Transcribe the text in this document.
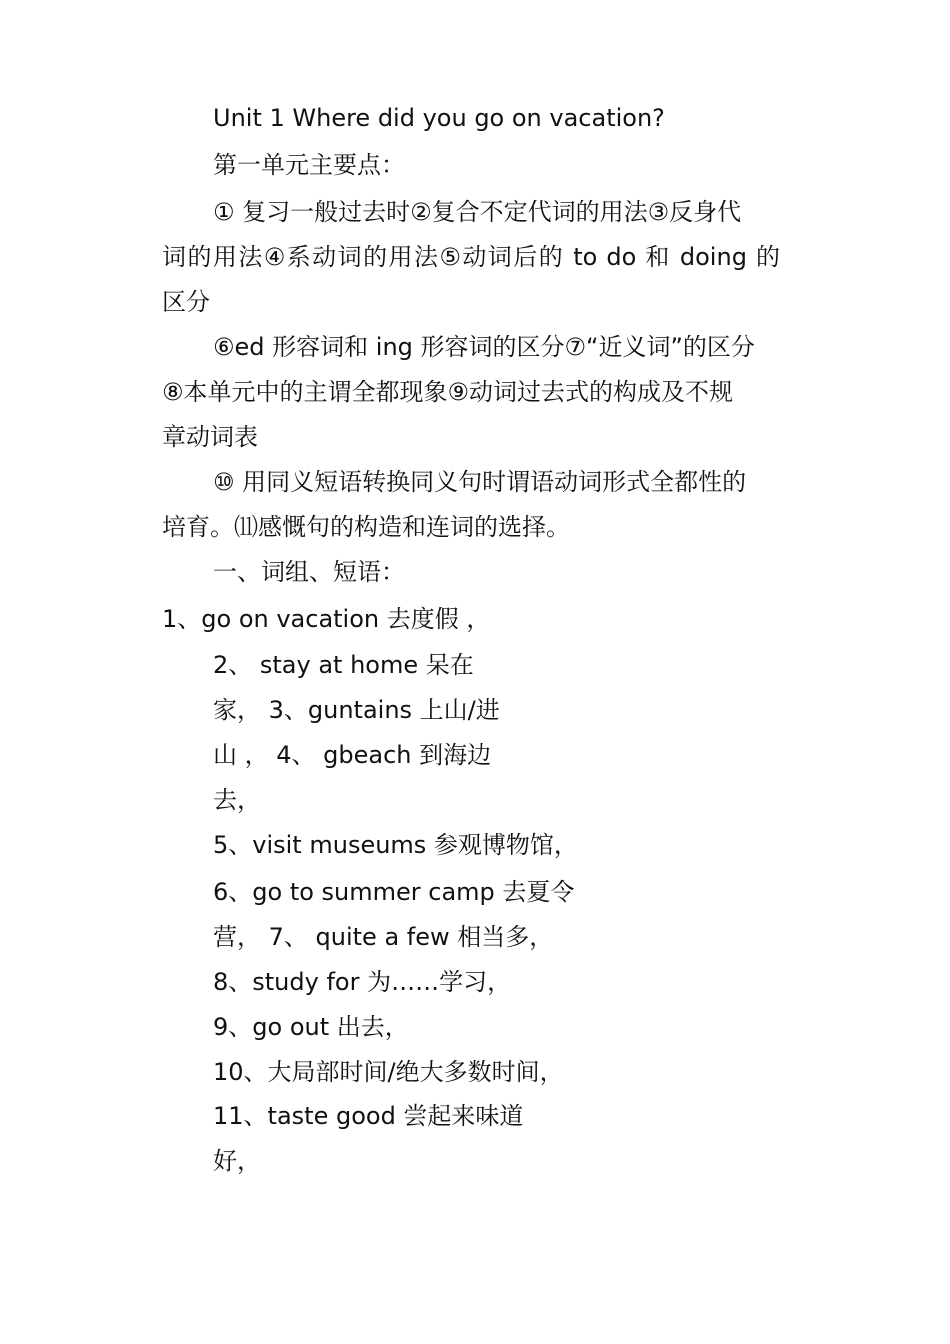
Unit 1 Where did you go on vacation?
第一单元主要点：
① 复习一般过去时②复合不定代词的用法③反身代
词的用法④系动词的用法⑤动词后的 to do 和 doing 的
区分
⑥ed 形容词和 ing 形容词的区分⑦“近义词”的区分
⑧本单元中的主谓全都现象⑨动词过去式的构成及不规
章动词表
⑩ 用同义短语转换同义句时谓语动词形式全都性的
培育。⑾感慨句的构造和连词的选择。
一、词组、短语：
1、go on vacation 去度假 ，
2、 stay at home 呆在
家， 3、guntains 上山/进
山 ， 4、 gbeach 到海边
去，
5、visit museums 参观博物馆，
6、go to summer camp 去夏令
营， 7、 quite a few 相当多，
8、study for 为……学习，
9、go out 出去，
10、大局部时间/绝大多数时间，
11、taste good 尝起来味道
好，
